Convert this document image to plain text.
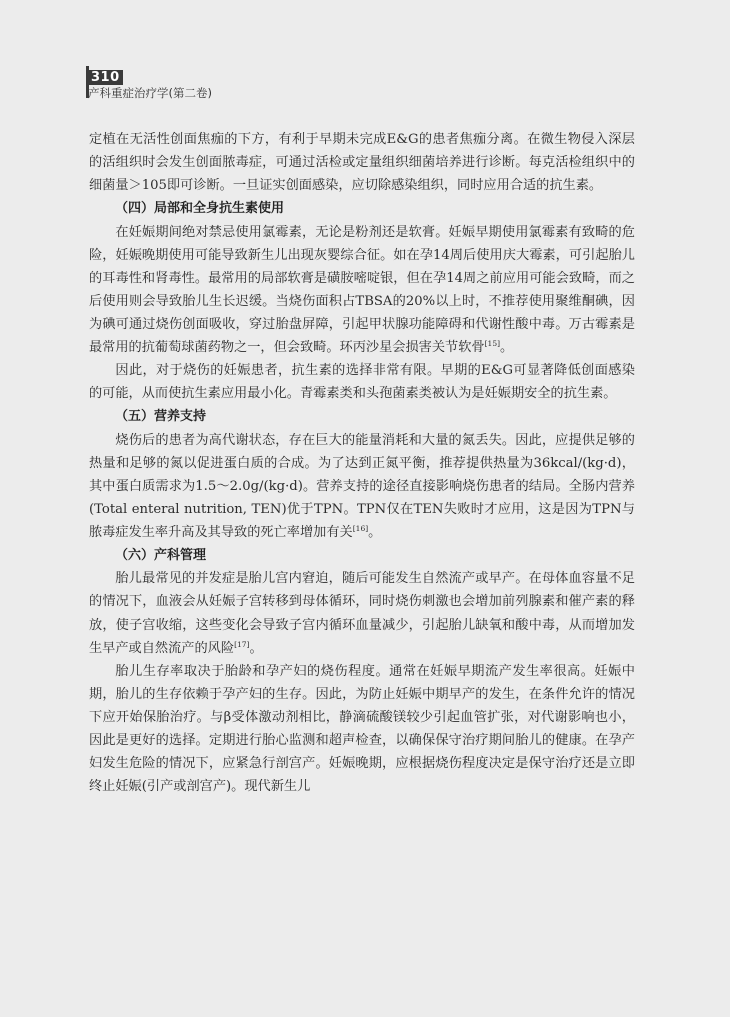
310
产科重症治疗学(第二卷)

定植在无活性创面焦痂的下方，有利于早期未完成E&G的患者焦痂分离。在微生物侵入深层的活组织时会发生创面脓毒症，可通过活检或定量组织细菌培养进行诊断。每克活检组织中的细菌量＞105即可诊断。一旦证实创面感染，应切除感染组织，同时应用合适的抗生素。

（四）局部和全身抗生素使用

在妊娠期间绝对禁忌使用氯霉素，无论是粉剂还是软膏。妊娠早期使用氯霉素有致畸的危险，妊娠晚期使用可能导致新生儿出现灰婴综合征。如在孕14周后使用庆大霉素，可引起胎儿的耳毒性和肾毒性。最常用的局部软膏是磺胺嘧啶银，但在孕14周之前应用可能会致畸，而之后使用则会导致胎儿生长迟缓。当烧伤面积占TBSA的20%以上时，不推荐使用聚维酮碘，因为碘可通过烧伤创面吸收，穿过胎盘屏障，引起甲状腺功能障碍和代谢性酸中毒。万古霉素是最常用的抗葡萄球菌药物之一，但会致畸。环丙沙星会损害关节软骨[15]。

因此，对于烧伤的妊娠患者，抗生素的选择非常有限。早期的E&G可显著降低创面感染的可能，从而使抗生素应用最小化。青霉素类和头孢菌素类被认为是妊娠期安全的抗生素。

（五）营养支持

烧伤后的患者为高代谢状态，存在巨大的能量消耗和大量的氮丢失。因此，应提供足够的热量和足够的氮以促进蛋白质的合成。为了达到正氮平衡，推荐提供热量为36kcal/(kg·d)，其中蛋白质需求为1.5～2.0g/(kg·d)。营养支持的途径直接影响烧伤患者的结局。全肠内营养(Total enteral nutrition, TEN)优于TPN。TPN仅在TEN失败时才应用，这是因为TPN与脓毒症发生率升高及其导致的死亡率增加有关[16]。

（六）产科管理

胎儿最常见的并发症是胎儿宫内窘迫，随后可能发生自然流产或早产。在母体血容量不足的情况下，血液会从妊娠子宫转移到母体循环，同时烧伤刺激也会增加前列腺素和催产素的释放，使子宫收缩，这些变化会导致子宫内循环血量减少，引起胎儿缺氧和酸中毒，从而增加发生早产或自然流产的风险[17]。

胎儿生存率取决于胎龄和孕产妇的烧伤程度。通常在妊娠早期流产发生率很高。妊娠中期，胎儿的生存依赖于孕产妇的生存。因此，为防止妊娠中期早产的发生，在条件允许的情况下应开始保胎治疗。与β受体激动剂相比，静滴硫酸镁较少引起血管扩张，对代谢影响也小，因此是更好的选择。定期进行胎心监测和超声检查，以确保保守治疗期间胎儿的健康。在孕产妇发生危险的情况下，应紧急行剖宫产。妊娠晚期，应根据烧伤程度决定是保守治疗还是立即终止妊娠(引产或剖宫产)。现代新生儿
